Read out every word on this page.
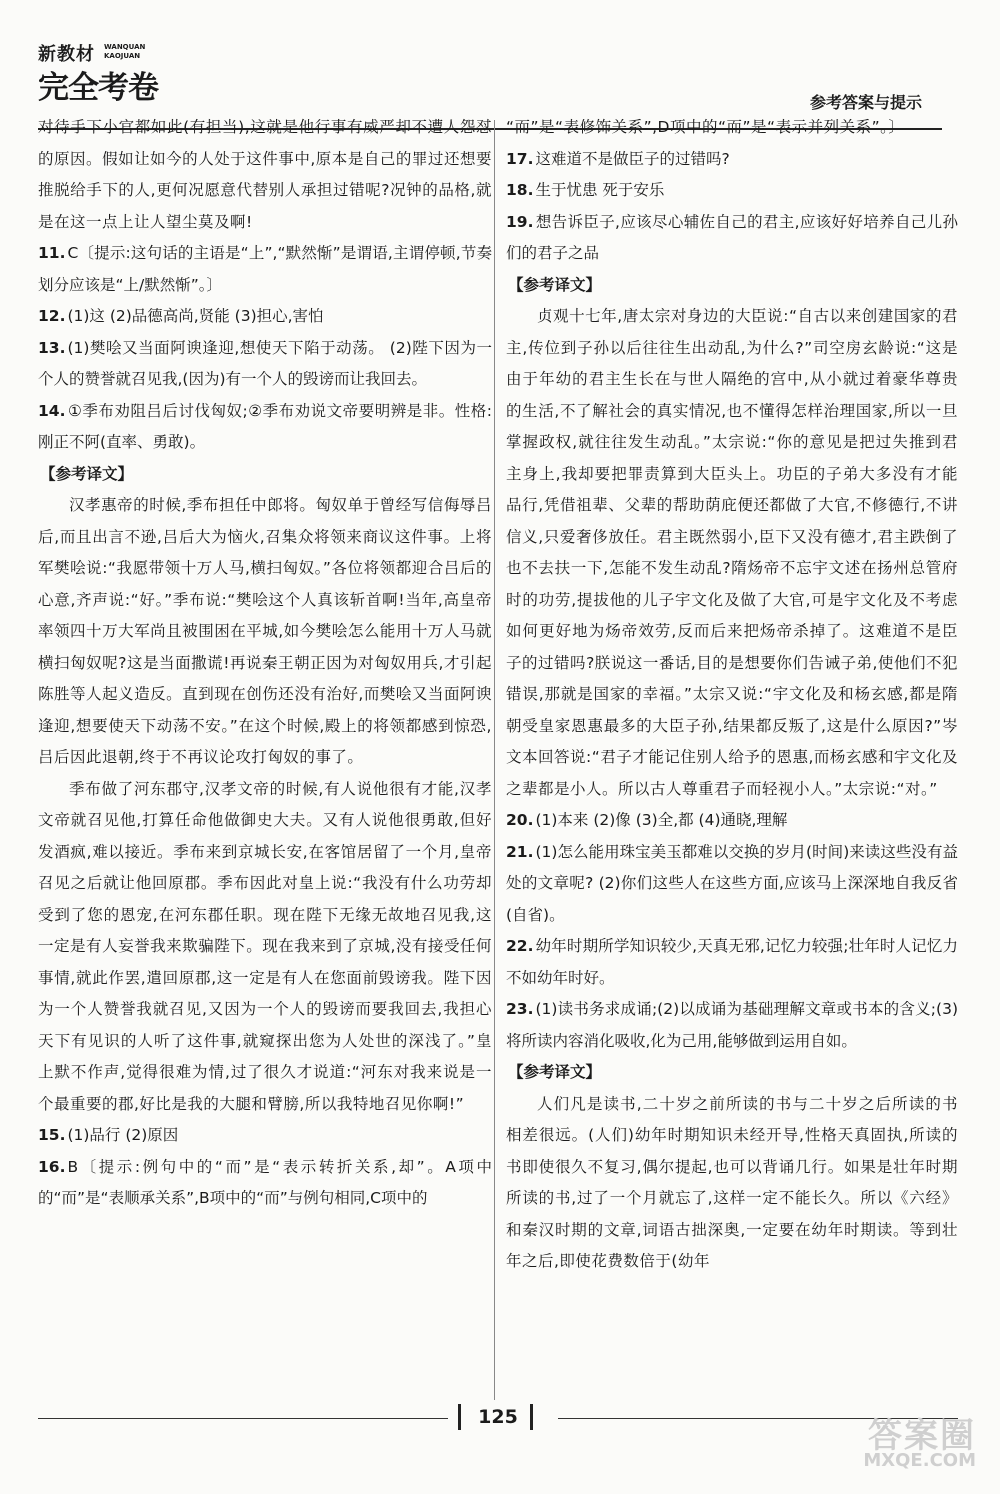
新教材 WANQUAN
KAOJUAN
完全考卷	参考答案与提示

对待手下小官都如此(有担当),这就是他行事有威严却不遭人怨怼的原因。假如让如今的人处于这件事中,原本是自己的罪过还想要推脱给手下的人,更何况愿意代替别人承担过错呢?况钟的品格,就是在这一点上让人望尘莫及啊!

11. C〔提示:这句话的主语是“上”,“默然惭”是谓语,主谓停顿,节奏划分应该是“上/默然惭”。〕

12. (1)这 (2)品德高尚,贤能 (3)担心,害怕

13. (1)樊哙又当面阿谀逢迎,想使天下陷于动荡。 (2)陛下因为一个人的赞誉就召见我,(因为)有一个人的毁谤而让我回去。

14. ①季布劝阻吕后讨伐匈奴;②季布劝说文帝要明辨是非。性格:刚正不阿(直率、勇敢)。

【参考译文】

汉孝惠帝的时候,季布担任中郎将。匈奴单于曾经写信侮辱吕后,而且出言不逊,吕后大为恼火,召集众将领来商议这件事。上将军樊哙说:“我愿带领十万人马,横扫匈奴。”各位将领都迎合吕后的心意,齐声说:“好。”季布说:“樊哙这个人真该斩首啊!当年,高皇帝率领四十万大军尚且被围困在平城,如今樊哙怎么能用十万人马就横扫匈奴呢?这是当面撒谎!再说秦王朝正因为对匈奴用兵,才引起陈胜等人起义造反。直到现在创伤还没有治好,而樊哙又当面阿谀逢迎,想要使天下动荡不安。”在这个时候,殿上的将领都感到惊恐,吕后因此退朝,终于不再议论攻打匈奴的事了。

季布做了河东郡守,汉孝文帝的时候,有人说他很有才能,汉孝文帝就召见他,打算任命他做御史大夫。又有人说他很勇敢,但好发酒疯,难以接近。季布来到京城长安,在客馆居留了一个月,皇帝召见之后就让他回原郡。季布因此对皇上说:“我没有什么功劳却受到了您的恩宠,在河东郡任职。现在陛下无缘无故地召见我,这一定是有人妄誉我来欺骗陛下。现在我来到了京城,没有接受任何事情,就此作罢,遣回原郡,这一定是有人在您面前毁谤我。陛下因为一个人赞誉我就召见,又因为一个人的毁谤而要我回去,我担心天下有见识的人听了这件事,就窥探出您为人处世的深浅了。”皇上默不作声,觉得很难为情,过了很久才说道:“河东对我来说是一个最重要的郡,好比是我的大腿和臂膀,所以我特地召见你啊!”

15. (1)品行 (2)原因

16. B〔提示:例句中的“而”是“表示转折关系,却”。A项中的“而”是“表顺承关系”,B项中的“而”与例句相同,C项中的

“而”是“表修饰关系”,D项中的“而”是“表示并列关系”。〕

17. 这难道不是做臣子的过错吗?

18. 生于忧患 死于安乐

19. 想告诉臣子,应该尽心辅佐自己的君主,应该好好培养自己儿孙们的君子之品

【参考译文】

贞观十七年,唐太宗对身边的大臣说:“自古以来创建国家的君主,传位到子孙以后往往生出动乱,为什么?”司空房玄龄说:“这是由于年幼的君主生长在与世人隔绝的宫中,从小就过着豪华尊贵的生活,不了解社会的真实情况,也不懂得怎样治理国家,所以一旦掌握政权,就往往发生动乱。”太宗说:“你的意见是把过失推到君主身上,我却要把罪责算到大臣头上。功臣的子弟大多没有才能品行,凭借祖辈、父辈的帮助荫庇便还都做了大官,不修德行,不讲信义,只爱奢侈放任。君主既然弱小,臣下又没有德才,君主跌倒了也不去扶一下,怎能不发生动乱?隋炀帝不忘宇文述在扬州总管府时的功劳,提拔他的儿子宇文化及做了大官,可是宇文化及不考虑如何更好地为炀帝效劳,反而后来把炀帝杀掉了。这难道不是臣子的过错吗?朕说这一番话,目的是想要你们告诫子弟,使他们不犯错误,那就是国家的幸福。”太宗又说:“宇文化及和杨玄感,都是隋朝受皇家恩惠最多的大臣子孙,结果都反叛了,这是什么原因?”岑文本回答说:“君子才能记住别人给予的恩惠,而杨玄感和宇文化及之辈都是小人。所以古人尊重君子而轻视小人。”太宗说:“对。”

20. (1)本来 (2)像 (3)全,都 (4)通晓,理解

21. (1)怎么能用珠宝美玉都难以交换的岁月(时间)来读这些没有益处的文章呢? (2)你们这些人在这些方面,应该马上深深地自我反省(自省)。

22. 幼年时期所学知识较少,天真无邪,记忆力较强;壮年时人记忆力不如幼年时好。

23. (1)读书务求成诵;(2)以成诵为基础理解文章或书本的含义;(3)将所读内容消化吸收,化为己用,能够做到运用自如。

【参考译文】

人们凡是读书,二十岁之前所读的书与二十岁之后所读的书相差很远。(人们)幼年时期知识未经开导,性格天真固执,所读的书即使很久不复习,偶尔提起,也可以背诵几行。如果是壮年时期所读的书,过了一个月就忘了,这样一定不能长久。所以《六经》和秦汉时期的文章,词语古拙深奥,一定要在幼年时期读。等到壮年之后,即使花费数倍于(幼年

125	答案圈
MXQE.COM
